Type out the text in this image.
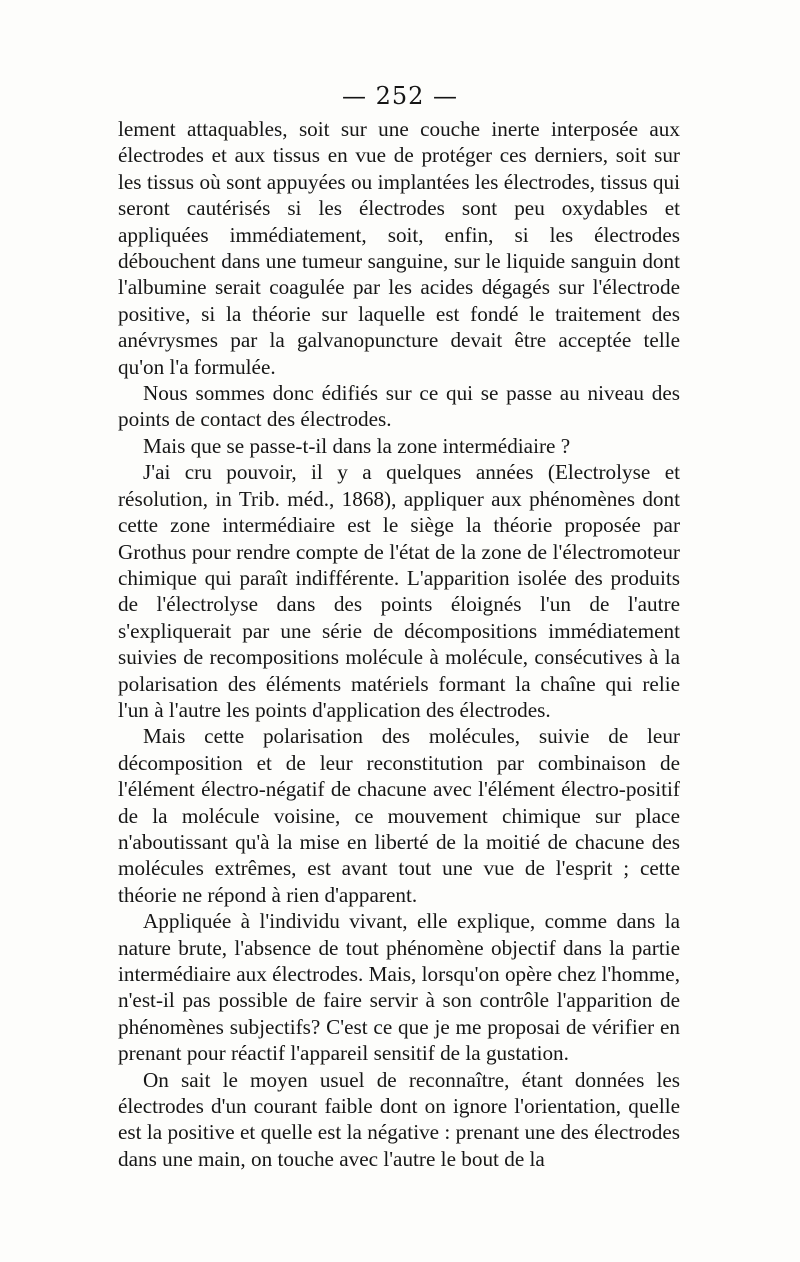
— 252 —

lement attaquables, soit sur une couche inerte interposée aux électrodes et aux tissus en vue de protéger ces derniers, soit sur les tissus où sont appuyées ou implantées les électrodes, tissus qui seront cautérisés si les électrodes sont peu oxydables et appliquées immédiatement, soit, enfin, si les électrodes débouchent dans une tumeur sanguine, sur le liquide sanguin dont l'albumine serait coagulée par les acides dégagés sur l'électrode positive, si la théorie sur laquelle est fondé le traitement des anévrysmes par la galvanopuncture devait être acceptée telle qu'on l'a formulée.

Nous sommes donc édifiés sur ce qui se passe au niveau des points de contact des électrodes.

Mais que se passe-t-il dans la zone intermédiaire ?

J'ai cru pouvoir, il y a quelques années (Electrolyse et résolution, in Trib. méd., 1868), appliquer aux phénomènes dont cette zone intermédiaire est le siège la théorie proposée par Grothus pour rendre compte de l'état de la zone de l'électromoteur chimique qui paraît indifférente. L'apparition isolée des produits de l'électrolyse dans des points éloignés l'un de l'autre s'expliquerait par une série de décompositions immédiatement suivies de recompositions molécule à molécule, consécutives à la polarisation des éléments matériels formant la chaîne qui relie l'un à l'autre les points d'application des électrodes.

Mais cette polarisation des molécules, suivie de leur décomposition et de leur reconstitution par combinaison de l'élément électro-négatif de chacune avec l'élément électro-positif de la molécule voisine, ce mouvement chimique sur place n'aboutissant qu'à la mise en liberté de la moitié de chacune des molécules extrêmes, est avant tout une vue de l'esprit ; cette théorie ne répond à rien d'apparent.

Appliquée à l'individu vivant, elle explique, comme dans la nature brute, l'absence de tout phénomène objectif dans la partie intermédiaire aux électrodes. Mais, lorsqu'on opère chez l'homme, n'est-il pas possible de faire servir à son contrôle l'apparition de phénomènes subjectifs? C'est ce que je me proposai de vérifier en prenant pour réactif l'appareil sensitif de la gustation.

On sait le moyen usuel de reconnaître, étant données les électrodes d'un courant faible dont on ignore l'orientation, quelle est la positive et quelle est la négative : prenant une des électrodes dans une main, on touche avec l'autre le bout de la
